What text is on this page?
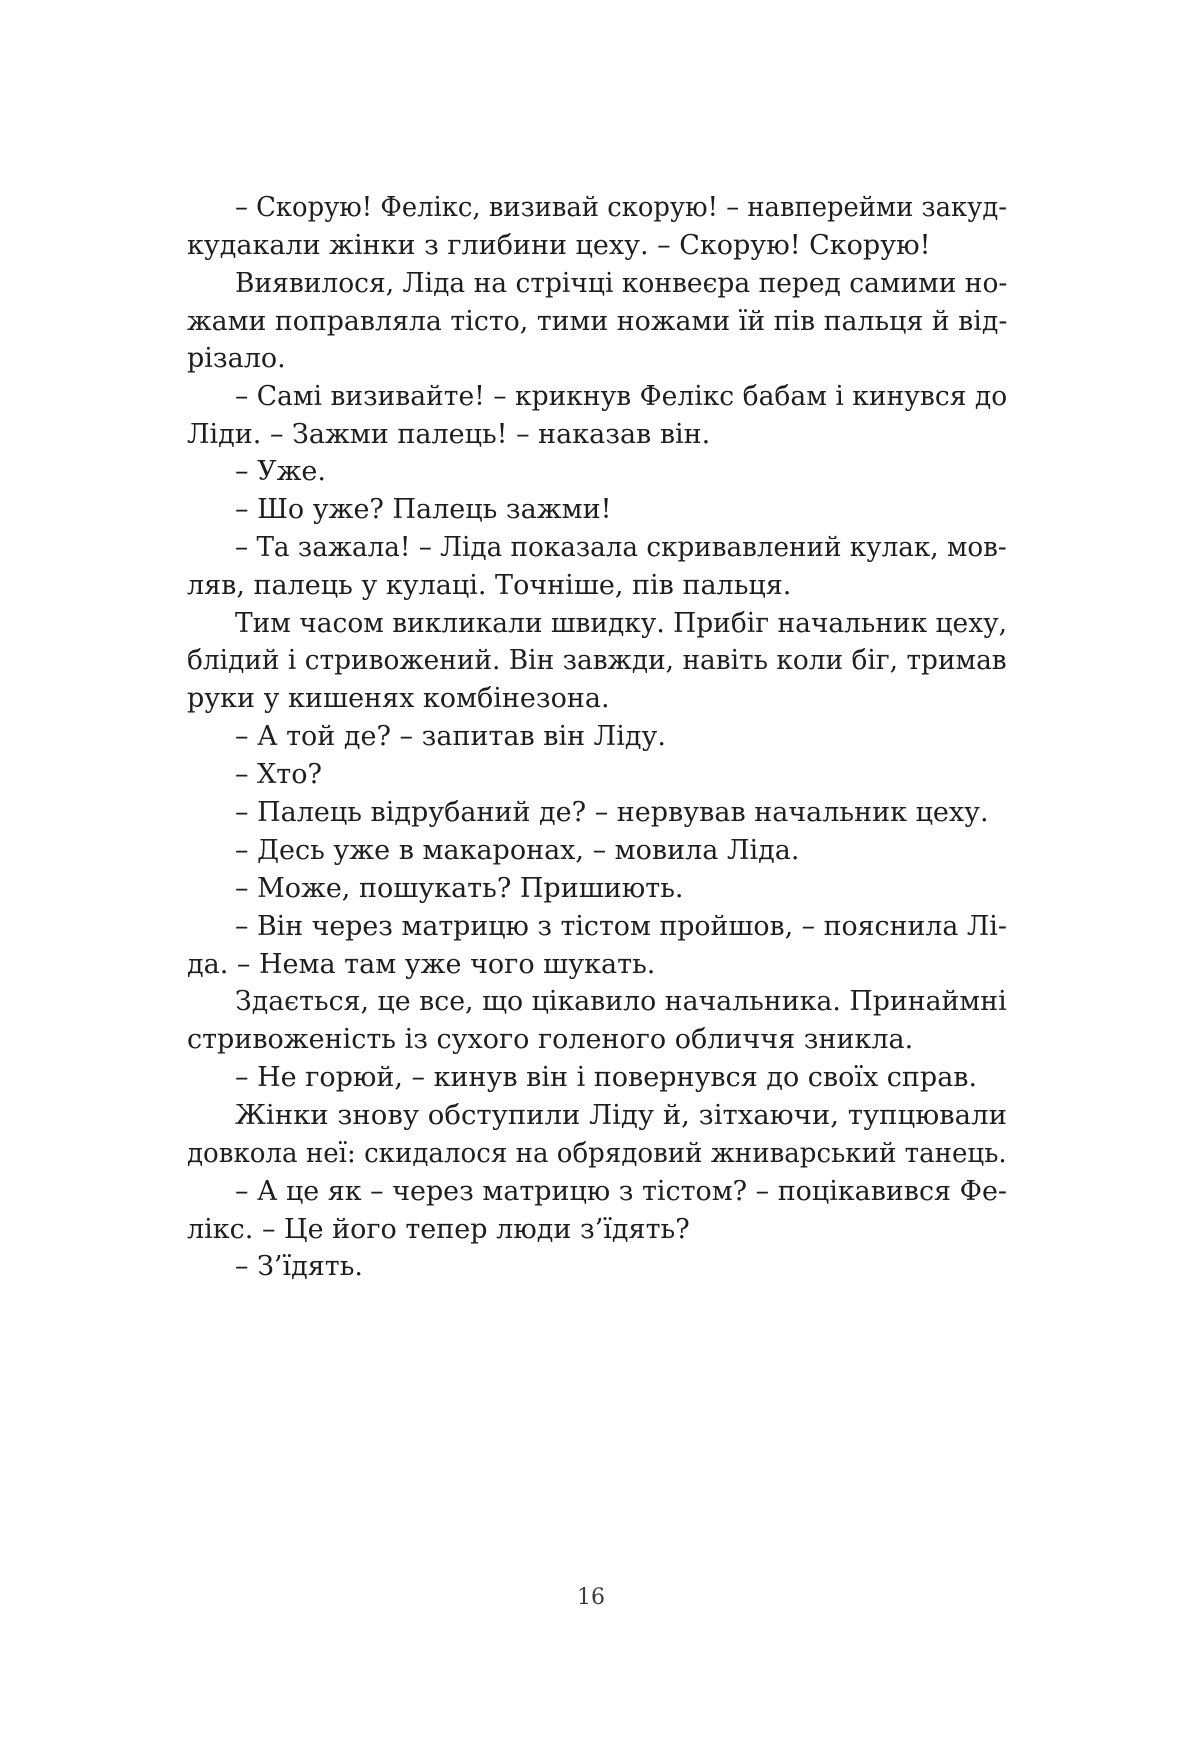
– Скорую! Фелікс, визивай скорую! – навперейми закуд-
кудакали жінки з глибини цеху. – Скорую! Скорую!
Виявилося, Ліда на стрічці конвеєра перед самими но-
жами поправляла тісто, тими ножами їй пів пальця й від-
різало.
– Самі визивайте! – крикнув Фелікс бабам і кинувся до
Ліди. – Зажми палець! – наказав він.
– Уже.
– Шо уже? Палець зажми!
– Та зажала! – Ліда показала скривавлений кулак, мов-
ляв, палець у кулаці. Точніше, пів пальця.
Тим часом викликали швидку. Прибіг начальник цеху,
блідий і стривожений. Він завжди, навіть коли біг, тримав
руки у кишенях комбінезона.
– А той де? – запитав він Ліду.
– Хто?
– Палець відрубаний де? – нервував начальник цеху.
– Десь уже в макаронах, – мовила Ліда.
– Може, пошукать? Пришиють.
– Він через матрицю з тістом пройшов, – пояснила Лі-
да. – Нема там уже чого шукать.
Здається, це все, що цікавило начальника. Принаймні
стривоженість із сухого голеного обличчя зникла.
– Не горюй, – кинув він і повернувся до своїх справ.
Жінки знову обступили Ліду й, зітхаючи, тупцювали
довкола неї: скидалося на обрядовий жниварський танець.
– А це як – через матрицю з тістом? – поцікавився Фе-
лікс. – Це його тепер люди з’їдять?
– З’їдять.
16
